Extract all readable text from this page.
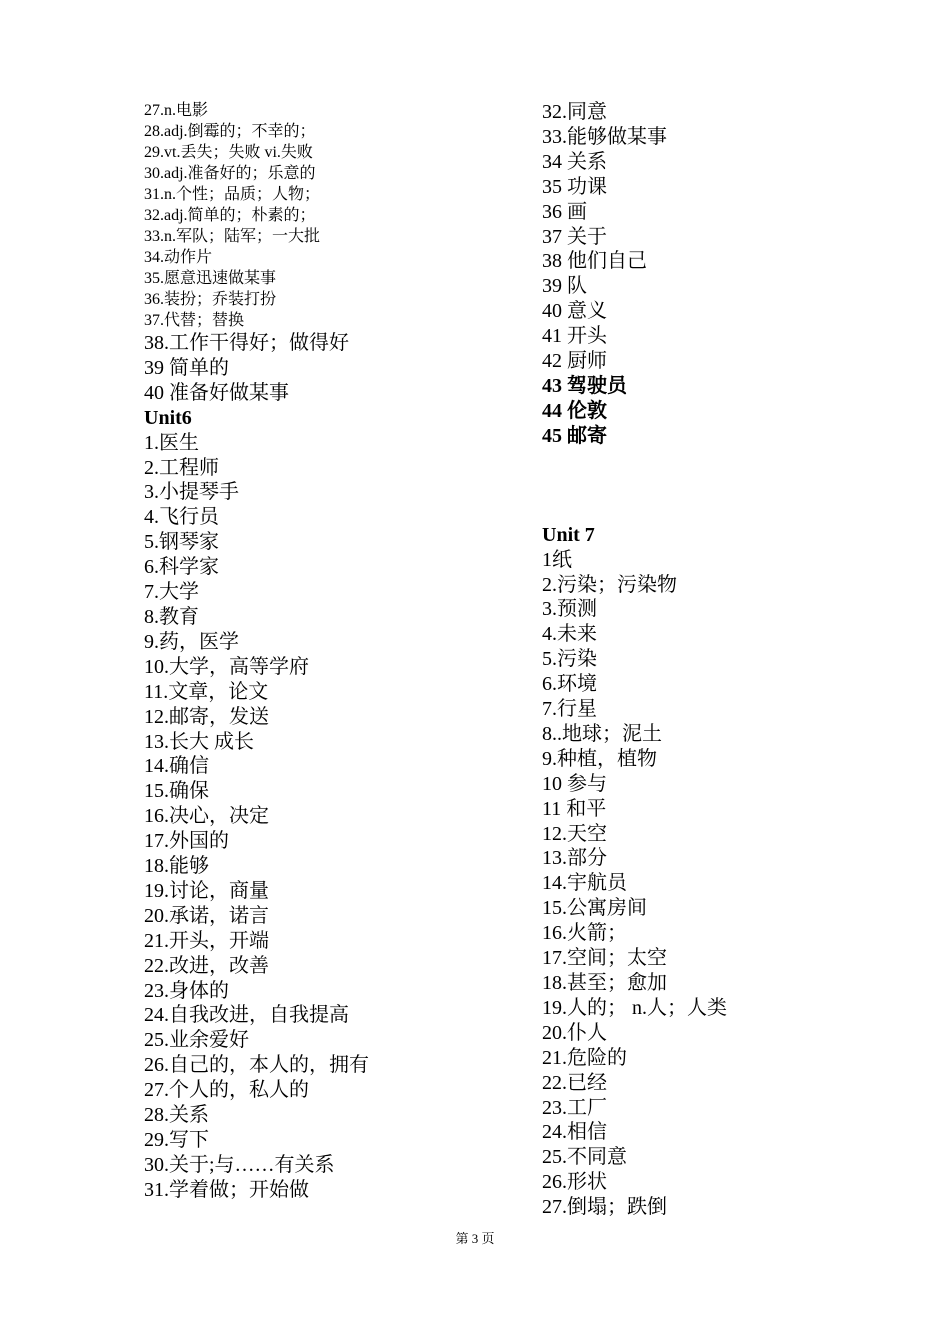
27.n.电影
28.adj.倒霉的；不幸的；
29.vt.丢失；失败 vi.失败
30.adj.准备好的；乐意的
31.n.个性；品质；人物；
32.adj.简单的；朴素的；
33.n.军队；陆军；一大批
34.动作片
35.愿意迅速做某事
36.装扮；乔装打扮
37.代替；替换
38.工作干得好；做得好
39 简单的
40 准备好做某事
Unit6
1.医生
2.工程师
3.小提琴手
4.飞行员
5.钢琴家
6.科学家
7.大学
8.教育
9.药，医学
10.大学，高等学府
11.文章，论文
12.邮寄，发送
13.长大 成长
14.确信
15.确保
16.决心，决定
17.外国的
18.能够
19.讨论，商量
20.承诺，诺言
21.开头，开端
22.改进，改善
23.身体的
24.自我改进，自我提高
25.业余爱好
26.自己的，本人的，拥有
27.个人的，私人的
28.关系
29.写下
30.关于;与……有关系
31.学着做；开始做
32.同意
33.能够做某事
34 关系
35 功课
36 画
37 关于
38 他们自己
39 队
40 意义
41 开头
42 厨师
43 驾驶员
44 伦敦
45 邮寄
Unit 7
1纸
2.污染；污染物
3.预测
4.未来
5.污染
6.环境
7.行星
8..地球；泥土
9.种植，植物
10 参与
11 和平
12.天空
13.部分
14.宇航员
15.公寓房间
16.火箭；
17.空间；太空
18.甚至；愈加
19.人的； n.人；人类
20.仆人
21.危险的
22.已经
23.工厂
24.相信
25.不同意
26.形状
27.倒塌；跌倒
第 3 页
